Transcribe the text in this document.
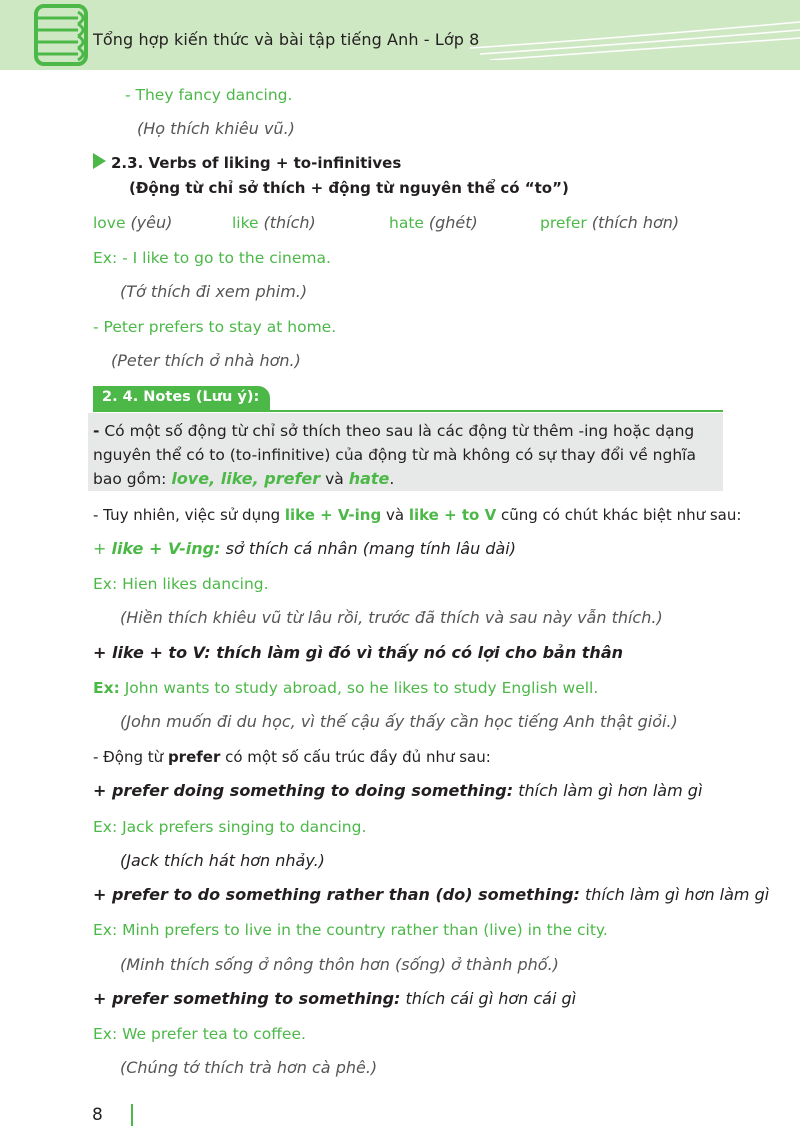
Tổng hợp kiến thức và bài tập tiếng Anh - Lớp 8
- They fancy dancing.
(Họ thích khiêu vũ.)
2.3. Verbs of liking + to-infinitives
(Động từ chỉ sở thích + động từ nguyên thể có “to”)
love (yêu)	like (thích)	hate (ghét)	prefer (thích hơn)
Ex: - I like to go to the cinema.
(Tớ thích đi xem phim.)
- Peter prefers to stay at home.
(Peter thích ở nhà hơn.)
2. 4. Notes (Lưu ý):
- Có một số động từ chỉ sở thích theo sau là các động từ thêm -ing hoặc dạng nguyên thể có to (to-infinitive) của động từ mà không có sự thay đổi về nghĩa bao gồm: love, like, prefer và hate.
- Tuy nhiên, việc sử dụng like + V-ing và like + to V cũng có chút khác biệt như sau:
+ like + V-ing: sở thích cá nhân (mang tính lâu dài)
Ex: Hien likes dancing.
(Hiền thích khiêu vũ từ lâu rồi, trước đã thích và sau này vẫn thích.)
+ like + to V: thích làm gì đó vì thấy nó có lợi cho bản thân
Ex: John wants to study abroad, so he likes to study English well.
(John muốn đi du học, vì thế cậu ấy thấy cần học tiếng Anh thật giỏi.)
- Động từ prefer có một số cấu trúc đầy đủ như sau:
+ prefer doing something to doing something: thích làm gì hơn làm gì
Ex: Jack prefers singing to dancing.
(Jack thích hát hơn nhảy.)
+ prefer to do something rather than (do) something: thích làm gì hơn làm gì
Ex: Minh prefers to live in the country rather than (live) in the city.
(Minh thích sống ở nông thôn hơn (sống) ở thành phố.)
+ prefer something to something: thích cái gì hơn cái gì
Ex: We prefer tea to coffee.
(Chúng tớ thích trà hơn cà phê.)
8
